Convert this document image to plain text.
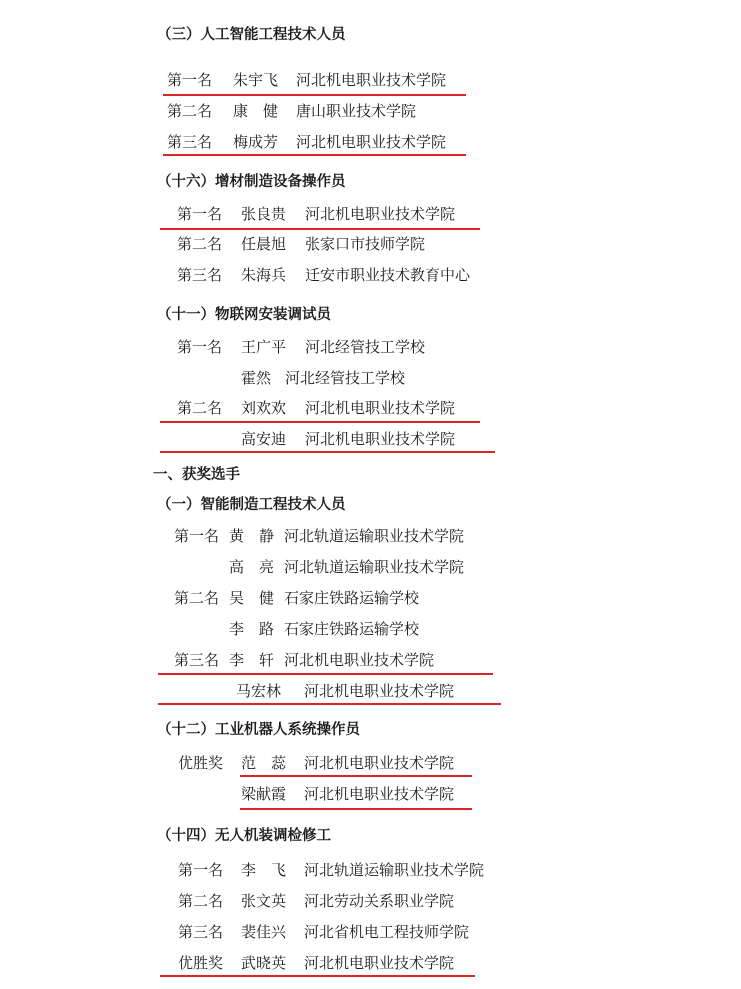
（三）人工智能工程技术人员
第一名 朱宇飞 河北机电职业技术学院
第二名 康　健 唐山职业技术学院
第三名 梅成芳 河北机电职业技术学院
（十六）增材制造设备操作员
第一名 张良贵 河北机电职业技术学院
第二名 任晨旭 张家口市技师学院
第三名 朱海兵 迁安市职业技术教育中心
（十一）物联网安装调试员
第一名 王广平 河北经管技工学校
霍然 河北经管技工学校
第二名 刘欢欢 河北机电职业技术学院
高安迪 河北机电职业技术学院
一、获奖选手
（一）智能制造工程技术人员
第一名 黄　静 河北轨道运输职业技术学院
高　亮 河北轨道运输职业技术学院
第二名 吴　健 石家庄铁路运输学校
李　路 石家庄铁路运输学校
第三名 李　轩 河北机电职业技术学院
马宏林 河北机电职业技术学院
（十二）工业机器人系统操作员
优胜奖 范　蕊 河北机电职业技术学院
梁献霞 河北机电职业技术学院
（十四）无人机装调检修工
第一名 李　飞 河北轨道运输职业技术学院
第二名 张文英 河北劳动关系职业学院
第三名 裴佳兴 河北省机电工程技师学院
优胜奖 武晓英 河北机电职业技术学院
